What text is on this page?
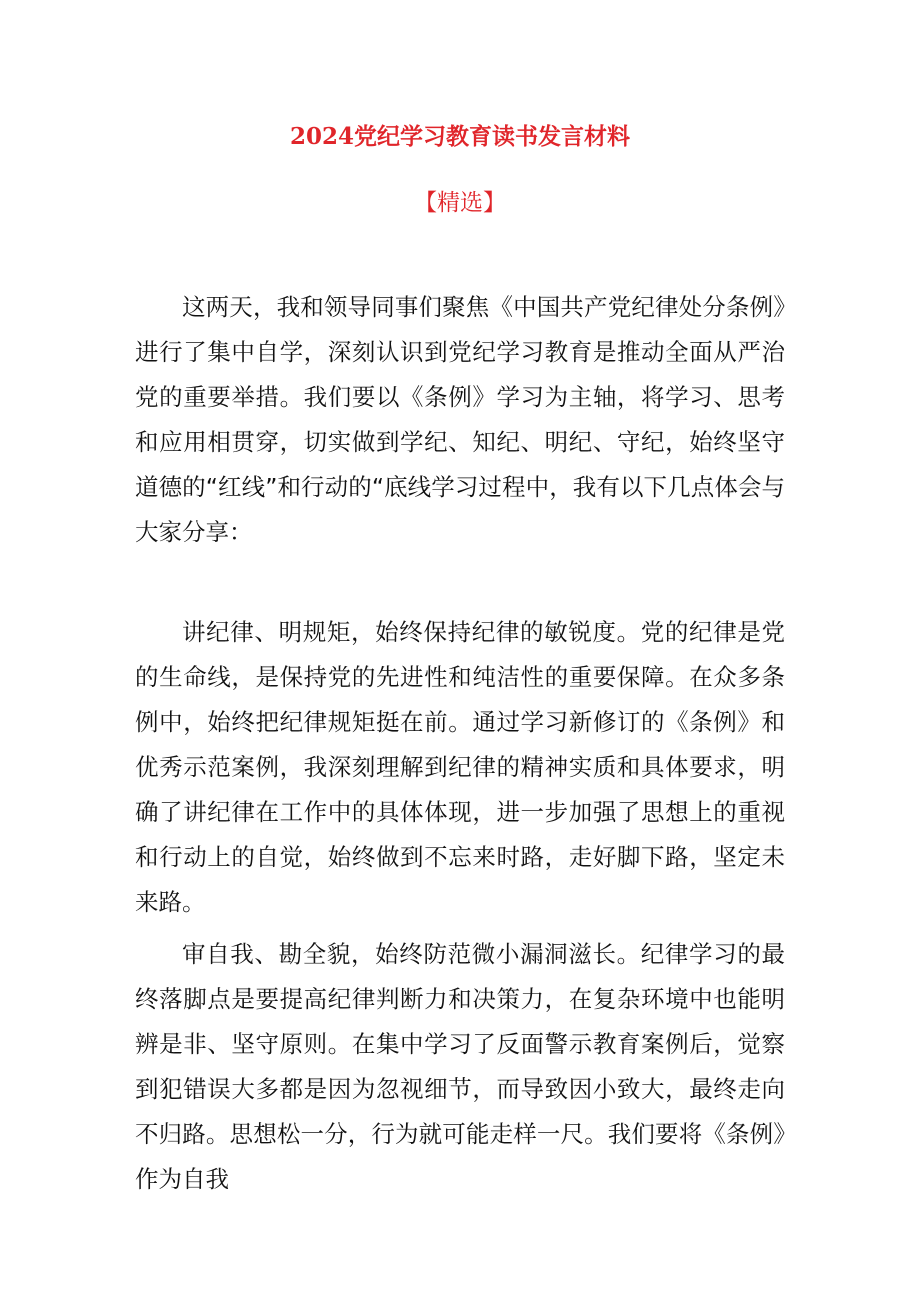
2024党纪学习教育读书发言材料
【精选】

这两天，我和领导同事们聚焦《中国共产党纪律处分条例》进行了集中自学，深刻认识到党纪学习教育是推动全面从严治党的重要举措。我们要以《条例》学习为主轴，将学习、思考和应用相贯穿，切实做到学纪、知纪、明纪、守纪，始终坚守道德的“红线”和行动的“底线学习过程中，我有以下几点体会与大家分享：

讲纪律、明规矩，始终保持纪律的敏锐度。党的纪律是党的生命线，是保持党的先进性和纯洁性的重要保障。在众多条例中，始终把纪律规矩挺在前。通过学习新修订的《条例》和优秀示范案例，我深刻理解到纪律的精神实质和具体要求，明确了讲纪律在工作中的具体体现，进一步加强了思想上的重视和行动上的自觉，始终做到不忘来时路，走好脚下路，坚定未来路。

审自我、勘全貌，始终防范微小漏洞滋长。纪律学习的最终落脚点是要提高纪律判断力和决策力，在复杂环境中也能明辨是非、坚守原则。在集中学习了反面警示教育案例后，觉察到犯错误大多都是因为忽视细节，而导致因小致大，最终走向不归路。思想松一分，行为就可能走样一尺。我们要将《条例》作为自我
